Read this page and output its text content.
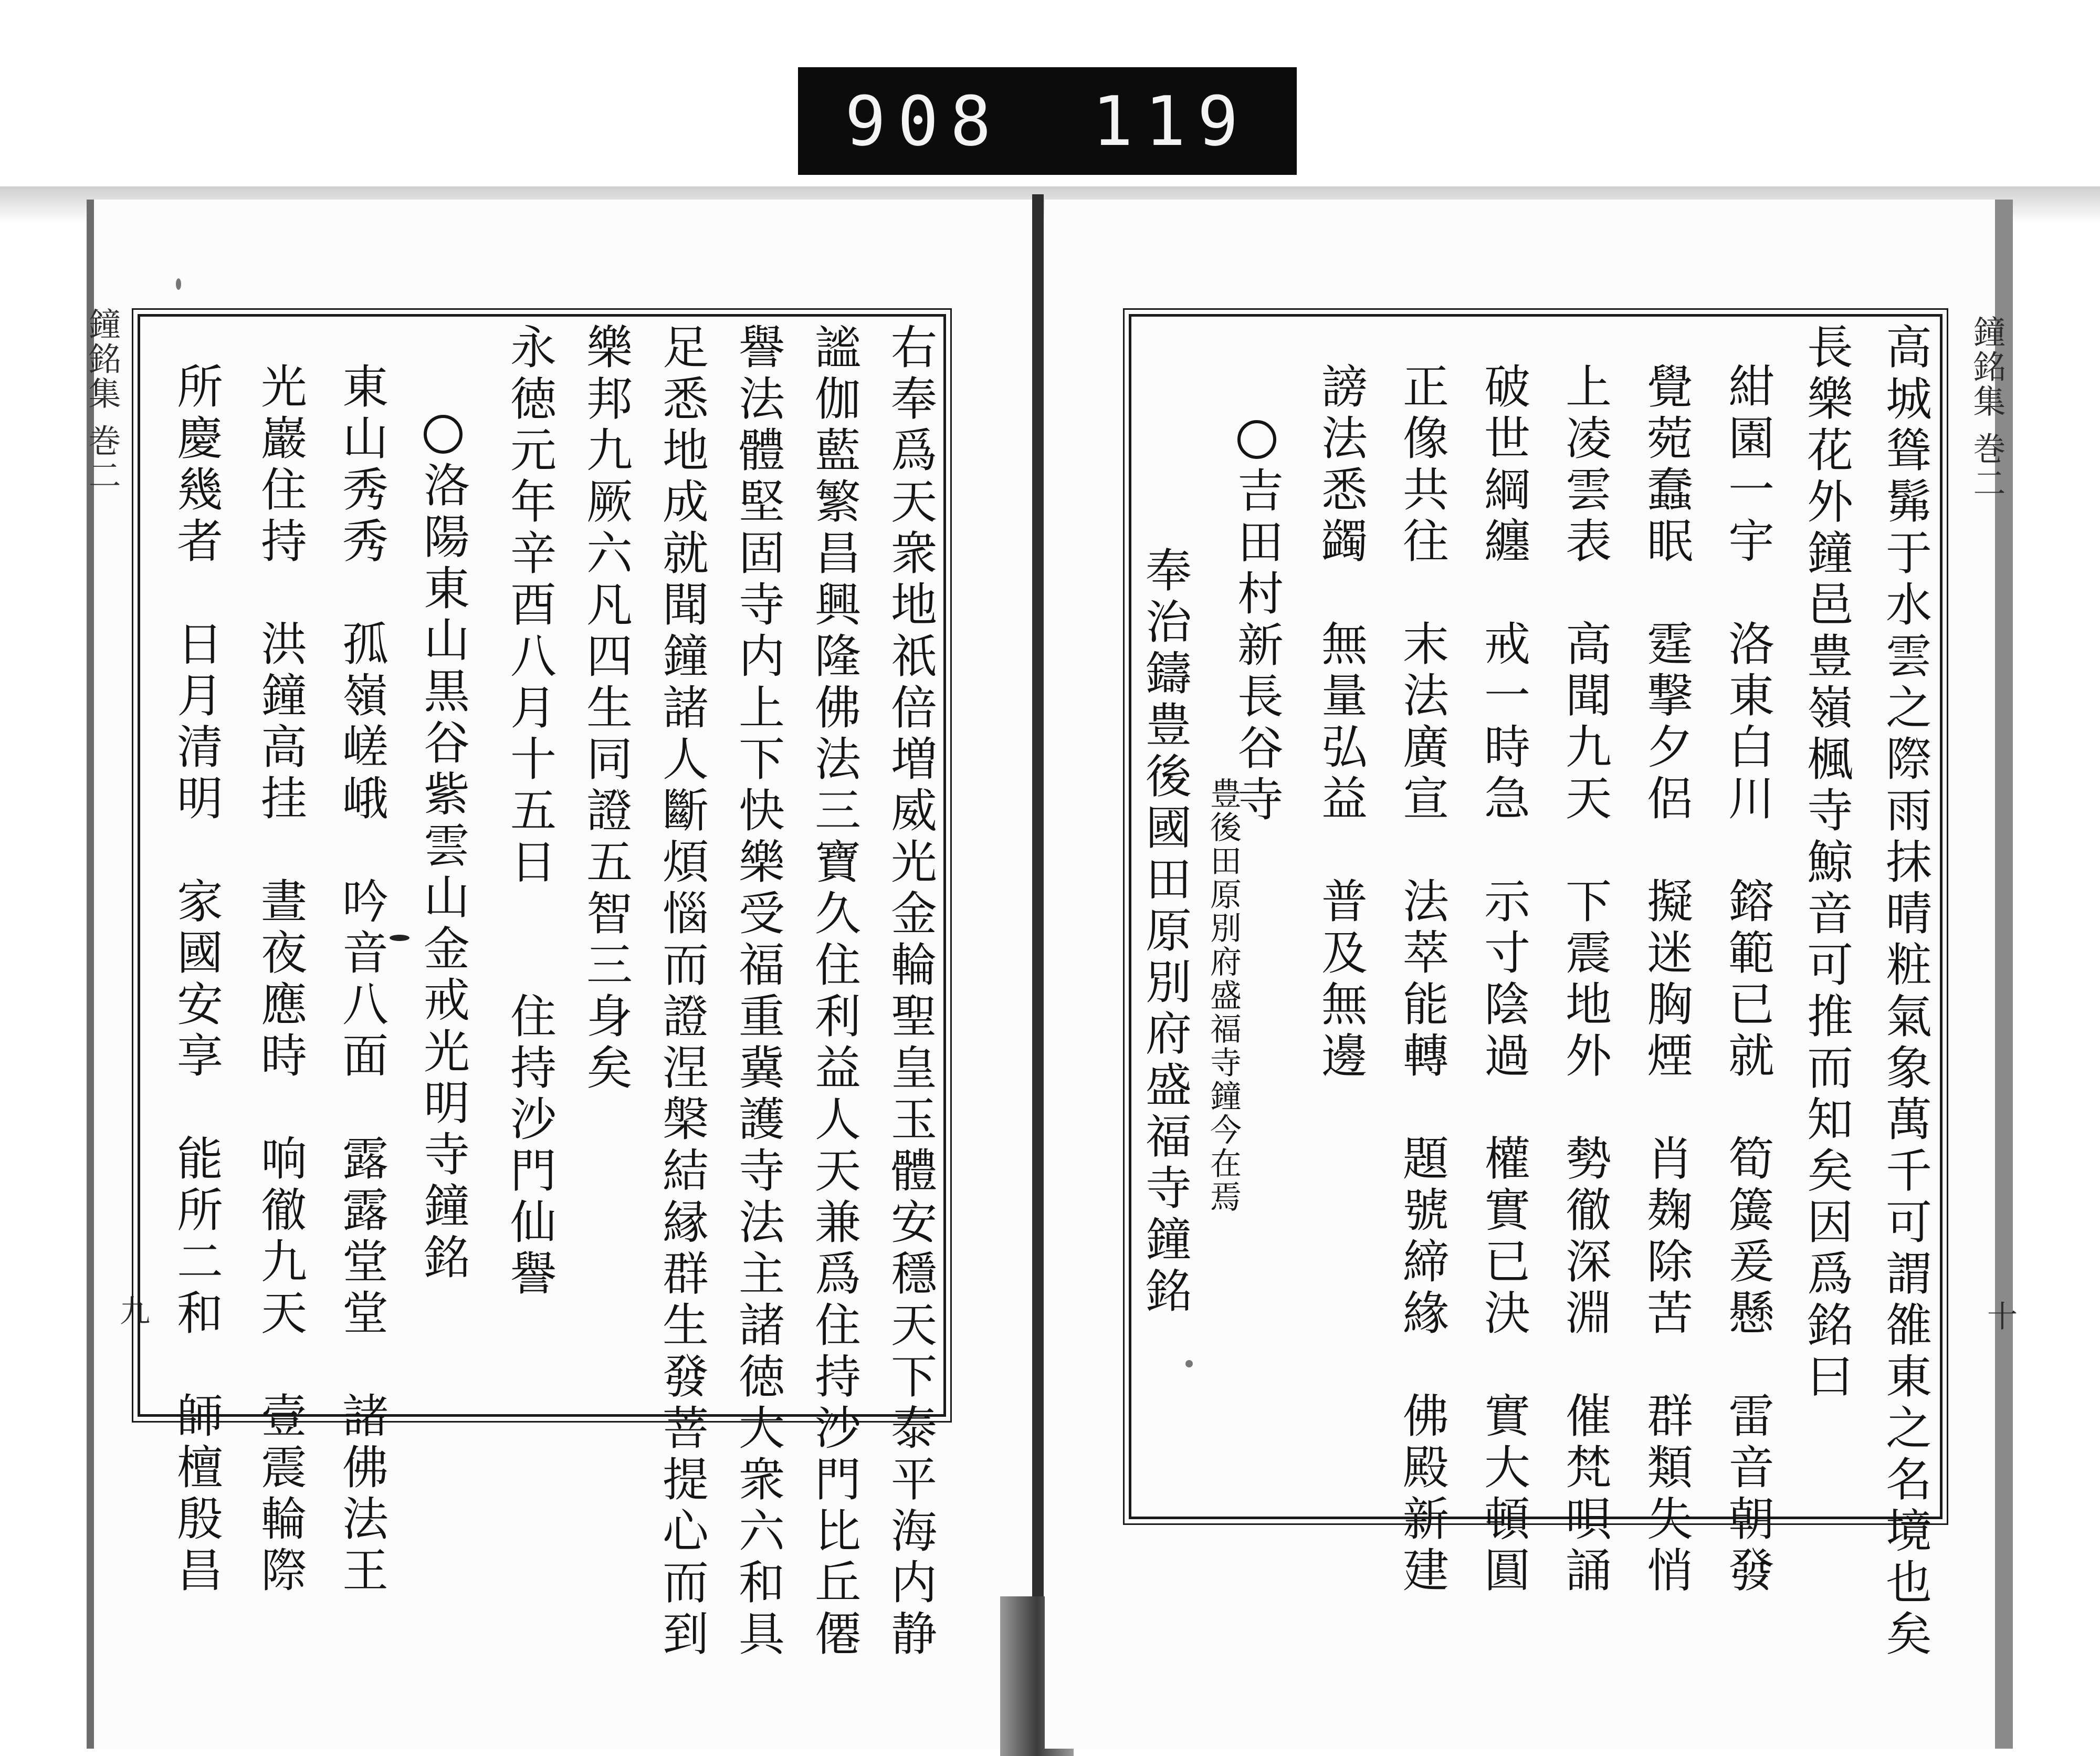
908 119
鐘銘集 巻二
九	右奉爲天衆地祇倍増威光金輪聖皇玉體安穩天下泰平海内静
謐伽藍繁昌興隆佛法三寶久住利益人天兼爲住持沙門比丘僊
譽法體堅固寺内上下快樂受福重冀護寺法主諸徳大衆六和具
足悉地成就聞鐘諸人斷煩惱而證涅槃結縁群生發菩提心而到
樂邦九厥六凡四生同證五智三身矣
永徳元年辛酉八月十五日　　住持沙門仙譽
洛陽東山黒谷紫雲山金戒光明寺鐘銘
東山秀秀　孤嶺嵯峨　吟音八面　露露堂堂　諸佛法王
光巖住持　洪鐘高挂　晝夜應時　响徹九天　壹震輪際
所慶幾者　日月清明　家國安享　能所二和　師檀殷昌	鐘銘集 巻二
十
高城聳髴于水雲之際雨抹晴粧氣象萬千可謂雒東之名境也矣
長樂花外鐘邑豊嶺楓寺鯨音可推而知矣因爲銘曰
紺園一宇　洛東白川　鎔範已就　筍簴爰懸　雷音朝發
覺菀蠢眠　霆撃夕侶　擬迷胸煙　肖麹除苦　群類失悄
上凌雲表　高聞九天　下震地外　勢徹深淵　催梵唄誦
破世綱纏　戒一時急　示寸陰過　權實已決　實大頓圓
正像共往　末法廣宣　法萃能轉　題號締緣　佛殿新建
謗法悉蠲　無量弘益　普及無邊
吉田村新長谷寺
豊後田原別府盛福寺鐘今在焉
奉治鑄豊後國田原別府盛福寺鐘銘
